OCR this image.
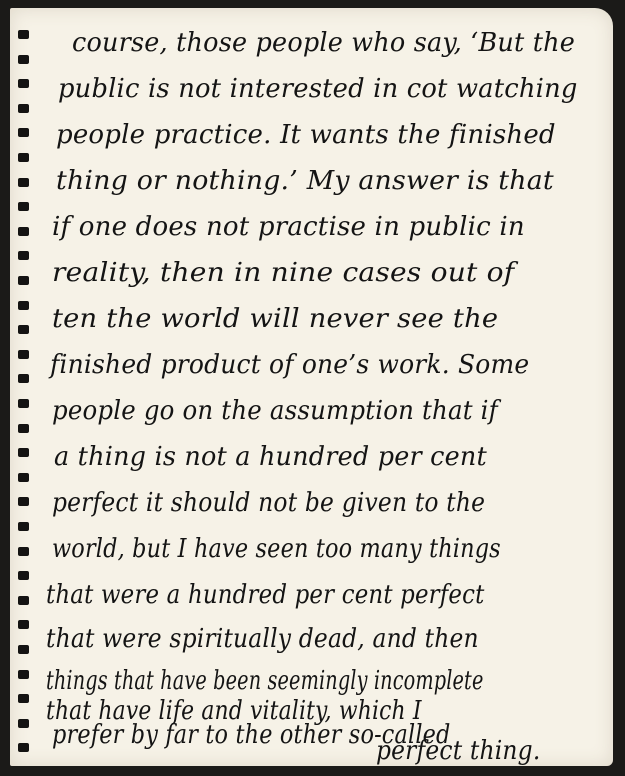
course, those people who say, ‘But the
public is not interested in cot watching
people practice. It wants the finished
thing or nothing.’ My answer is that
if one does not practise in public in
reality, then in nine cases out of
ten the world will never see the
finished product of one’s work. Some
people go on the assumption that if
a thing is not a hundred per cent
perfect it should not be given to the
world, but I have seen too many things
that were a hundred per cent perfect
that were spiritually dead, and then
things that have been seemingly incomplete
that have life and vitality, which I
prefer by far to the other so-called
perfect thing.
